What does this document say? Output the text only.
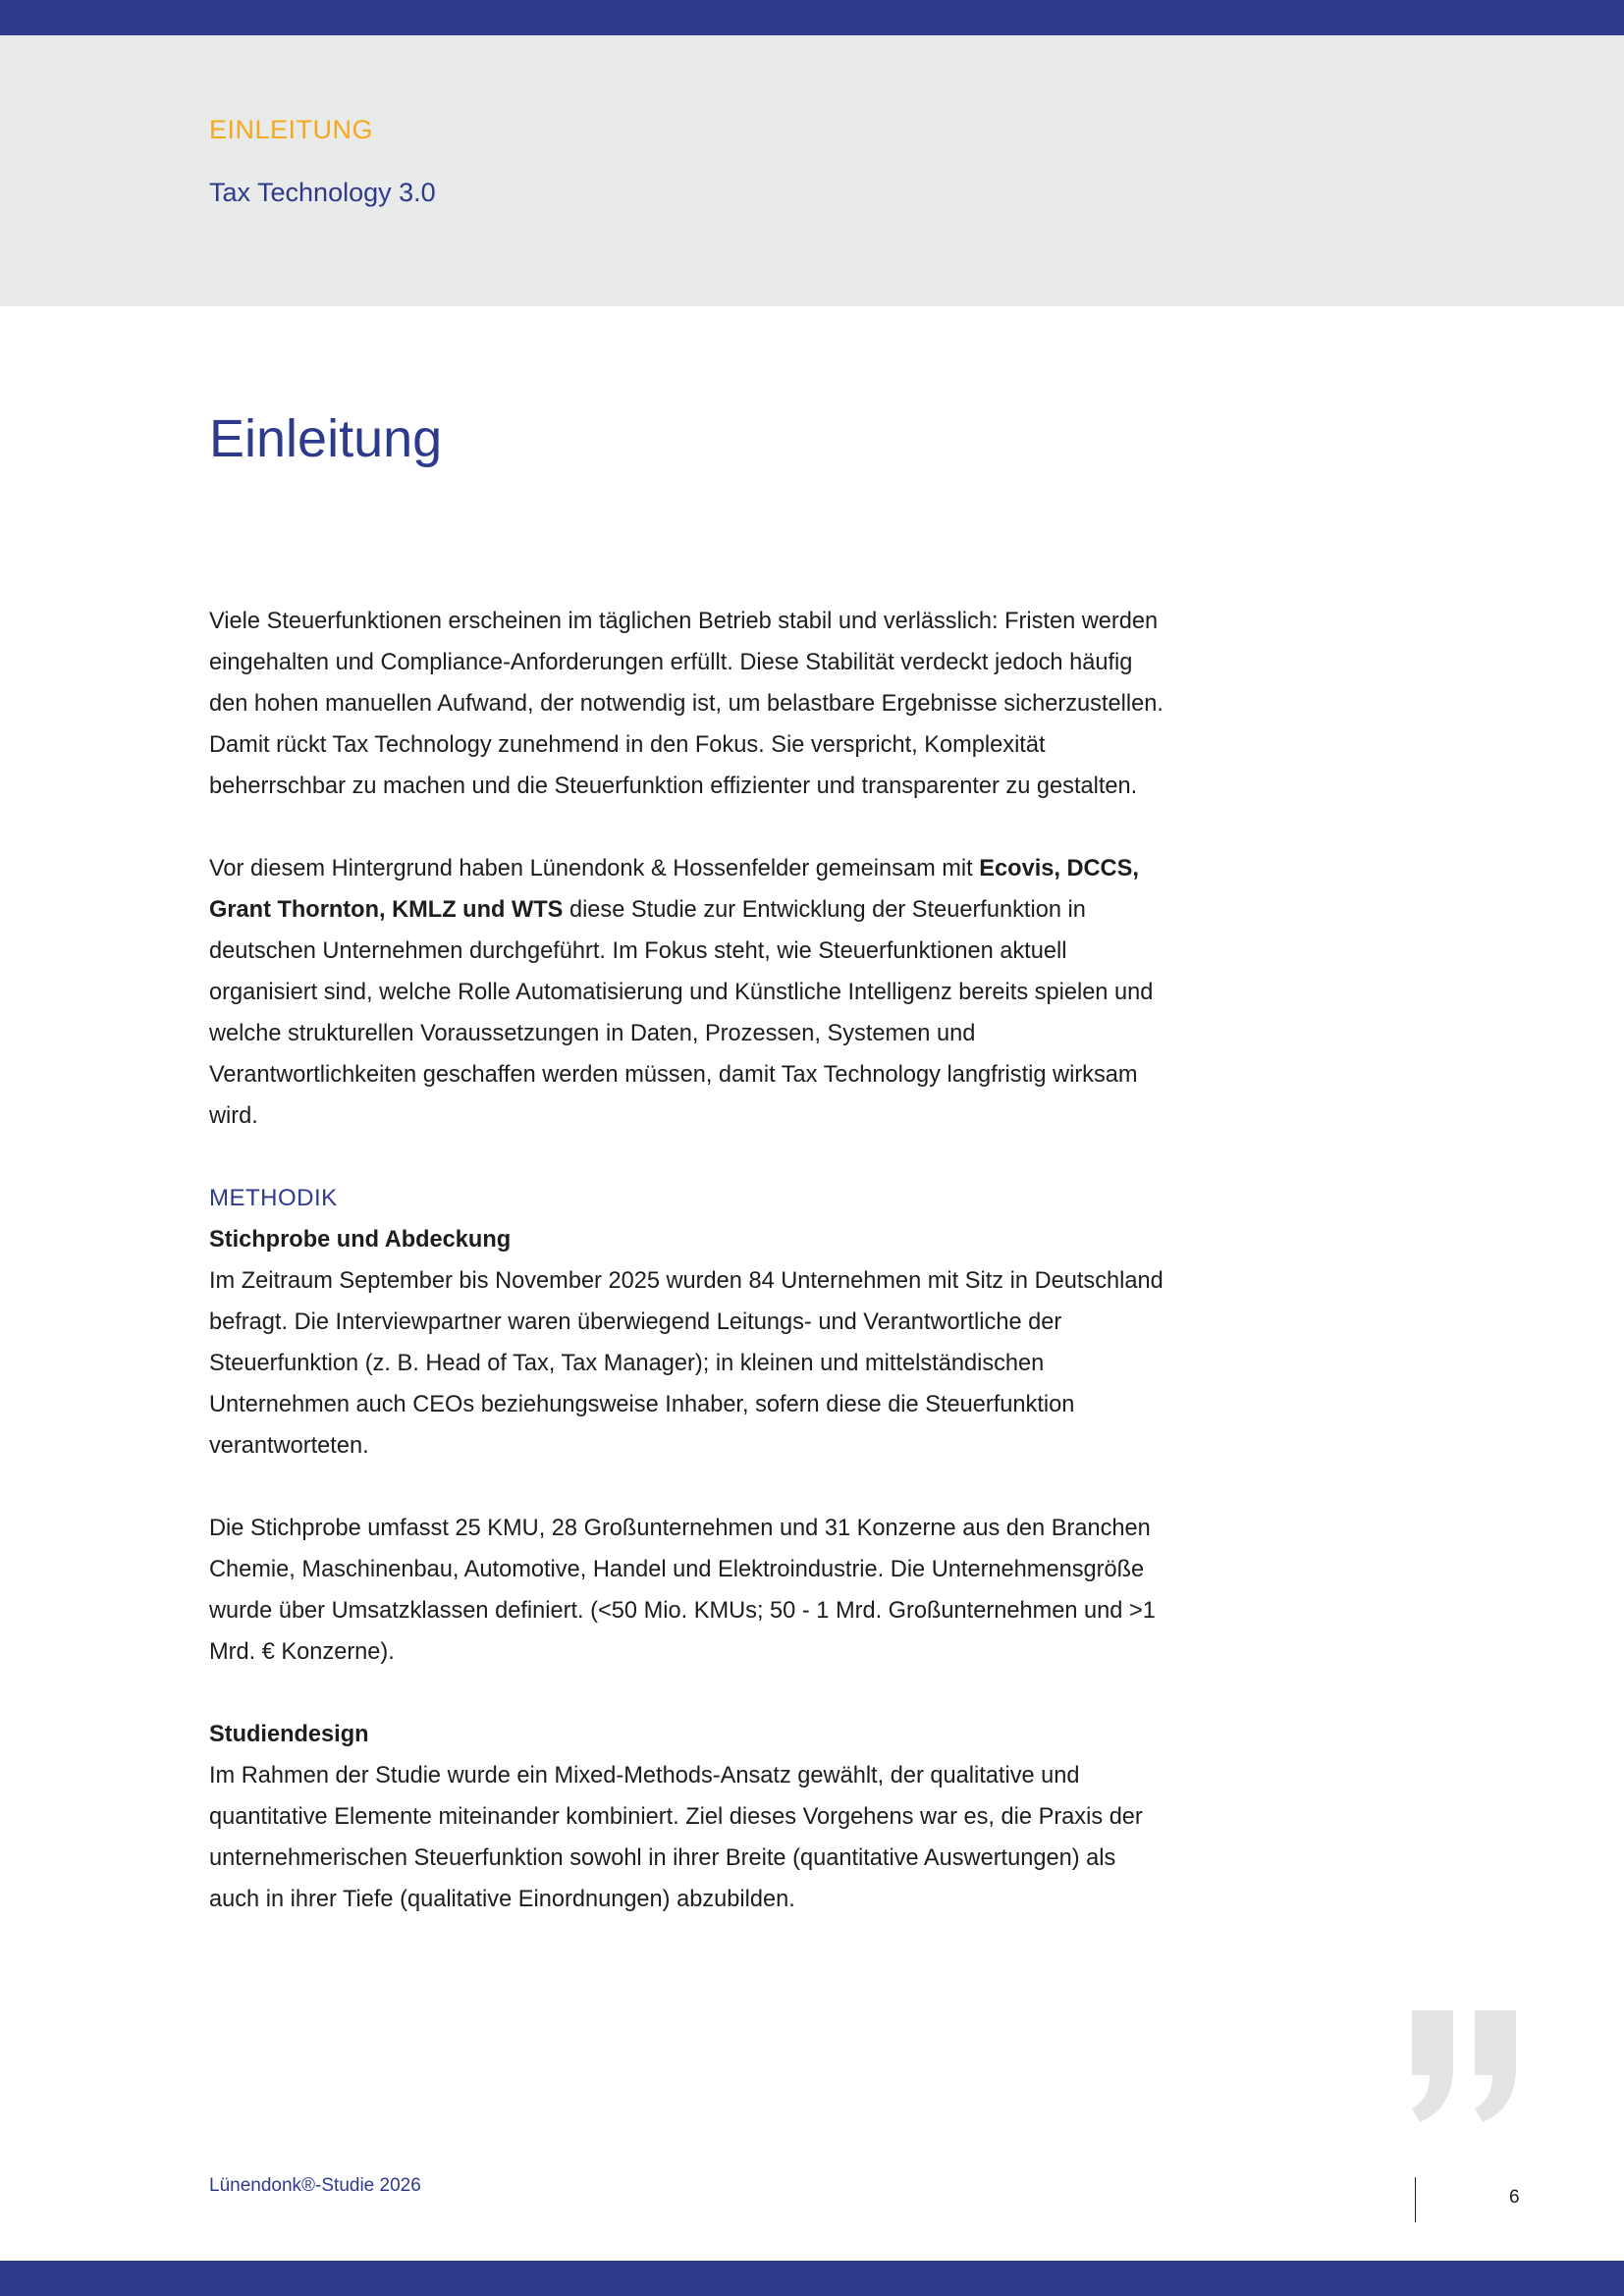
EINLEITUNG
Tax Technology 3.0
Einleitung

Viele Steuerfunktionen erscheinen im täglichen Betrieb stabil und verlässlich: Fristen werden eingehalten und Compliance-Anforderungen erfüllt. Diese Stabilität verdeckt jedoch häufig den hohen manuellen Aufwand, der notwendig ist, um belastbare Ergebnisse sicherzustellen. Damit rückt Tax Technology zunehmend in den Fokus. Sie verspricht, Komplexität beherrschbar zu machen und die Steuerfunktion effizienter und transparenter zu gestalten.

Vor diesem Hintergrund haben Lünendonk & Hossenfelder gemeinsam mit Ecovis, DCCS, Grant Thornton, KMLZ und WTS diese Studie zur Entwicklung der Steuerfunktion in deutschen Unternehmen durchgeführt. Im Fokus steht, wie Steuerfunktionen aktuell organisiert sind, welche Rolle Automatisierung und Künstliche Intelligenz bereits spielen und welche strukturellen Voraussetzungen in Daten, Prozessen, Systemen und Verantwortlichkeiten geschaffen werden müssen, damit Tax Technology langfristig wirksam wird.

METHODIK
Stichprobe und Abdeckung

Im Zeitraum September bis November 2025 wurden 84 Unternehmen mit Sitz in Deutschland befragt. Die Interviewpartner waren überwiegend Leitungs- und Verantwortliche der Steuerfunktion (z. B. Head of Tax, Tax Manager); in kleinen und mittelständischen Unternehmen auch CEOs beziehungsweise Inhaber, sofern diese die Steuerfunktion verantworteten.

Die Stichprobe umfasst 25 KMU, 28 Großunternehmen und 31 Konzerne aus den Branchen Chemie, Maschinenbau, Automotive, Handel und Elektroindustrie. Die Unternehmensgröße wurde über Umsatzklassen definiert. (<50 Mio. KMUs; 50 - 1 Mrd. Großunternehmen und >1 Mrd. € Konzerne).

Studiendesign

Im Rahmen der Studie wurde ein Mixed-Methods-Ansatz gewählt, der qualitative und quantitative Elemente miteinander kombiniert. Ziel dieses Vorgehens war es, die Praxis der unternehmerischen Steuerfunktion sowohl in ihrer Breite (quantitative Auswertungen) als auch in ihrer Tiefe (qualitative Einordnungen) abzubilden.

Lünendonk®-Studie 2026
6
